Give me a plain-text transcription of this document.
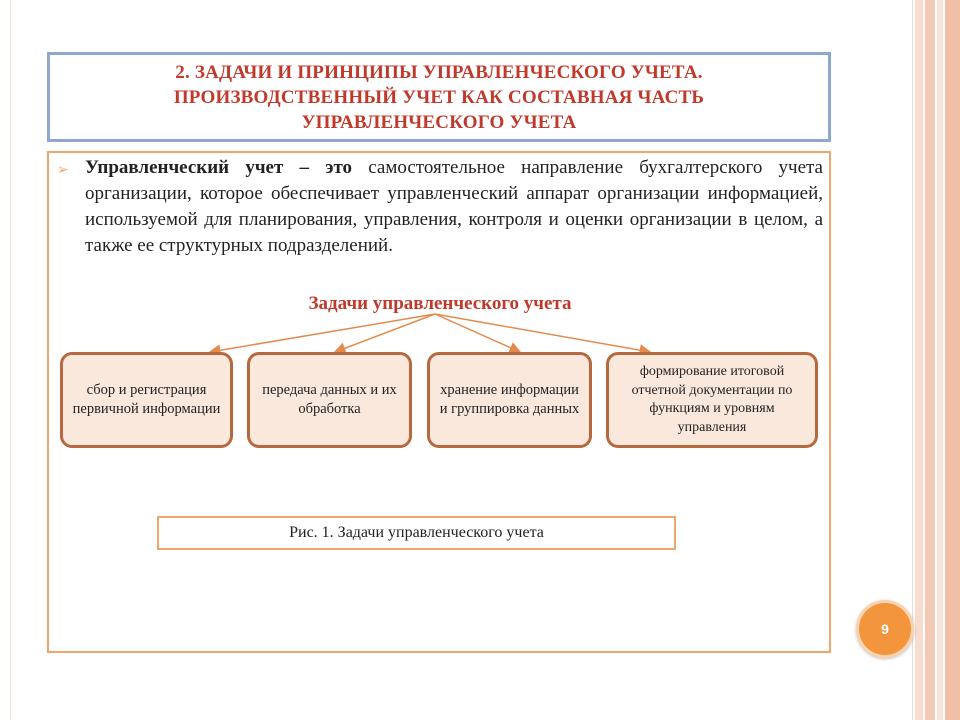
2. ЗАДАЧИ И ПРИНЦИПЫ УПРАВЛЕНЧЕСКОГО УЧЕТА.
ПРОИЗВОДСТВЕННЫЙ УЧЕТ КАК СОСТАВНАЯ ЧАСТЬ
УПРАВЛЕНЧЕСКОГО УЧЕТА
➢ Управленческий учет – это самостоятельное направление бухгалтерского учета организации, которое обеспечивает управленческий аппарат организации информацией, используемой для планирования, управления, контроля и оценки организации в целом, а также ее структурных подразделений.
Задачи управленческого учета
сбор и регистрация первичной информации
передача данных и их обработка
хранение информации и группировка данных
формирование итоговой отчетной документации по функциям и уровням управления
Рис. 1. Задачи управленческого учета
9
